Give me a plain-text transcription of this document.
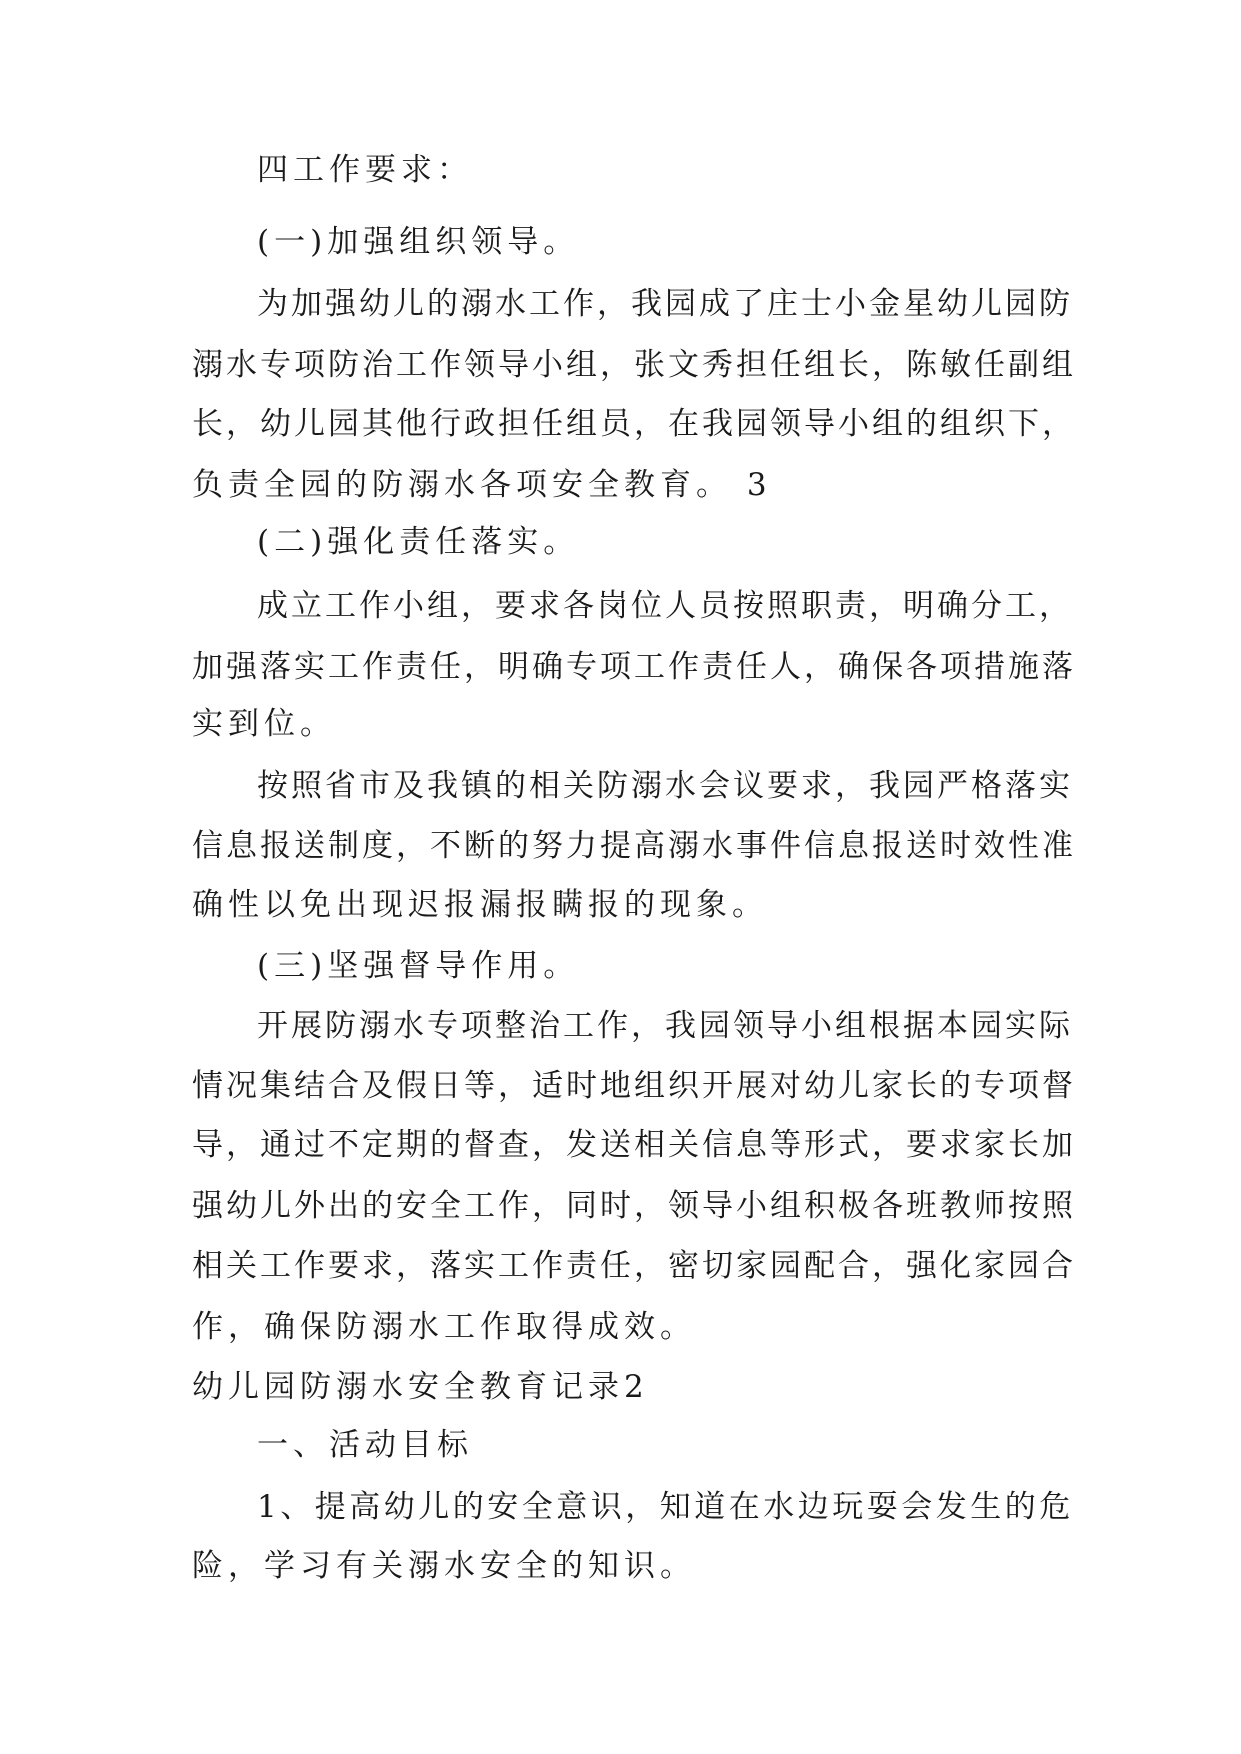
四工作要求：
(一)加强组织领导。
为加强幼儿的溺水工作，我园成了庄士小金星幼儿园防
溺水专项防治工作领导小组，张文秀担任组长，陈敏任副组
长，幼儿园其他行政担任组员，在我园领导小组的组织下，
负责全园的防溺水各项安全教育。 3
(二)强化责任落实。
成立工作小组，要求各岗位人员按照职责，明确分工，
加强落实工作责任，明确专项工作责任人，确保各项措施落
实到位。
按照省市及我镇的相关防溺水会议要求，我园严格落实
信息报送制度，不断的努力提高溺水事件信息报送时效性准
确性以免出现迟报漏报瞒报的现象。
(三)坚强督导作用。
开展防溺水专项整治工作，我园领导小组根据本园实际
情况集结合及假日等，适时地组织开展对幼儿家长的专项督
导，通过不定期的督查，发送相关信息等形式，要求家长加
强幼儿外出的安全工作，同时，领导小组积极各班教师按照
相关工作要求，落实工作责任，密切家园配合，强化家园合
作，确保防溺水工作取得成效。
幼儿园防溺水安全教育记录2
一、活动目标
1、提高幼儿的安全意识，知道在水边玩耍会发生的危
险，学习有关溺水安全的知识。
